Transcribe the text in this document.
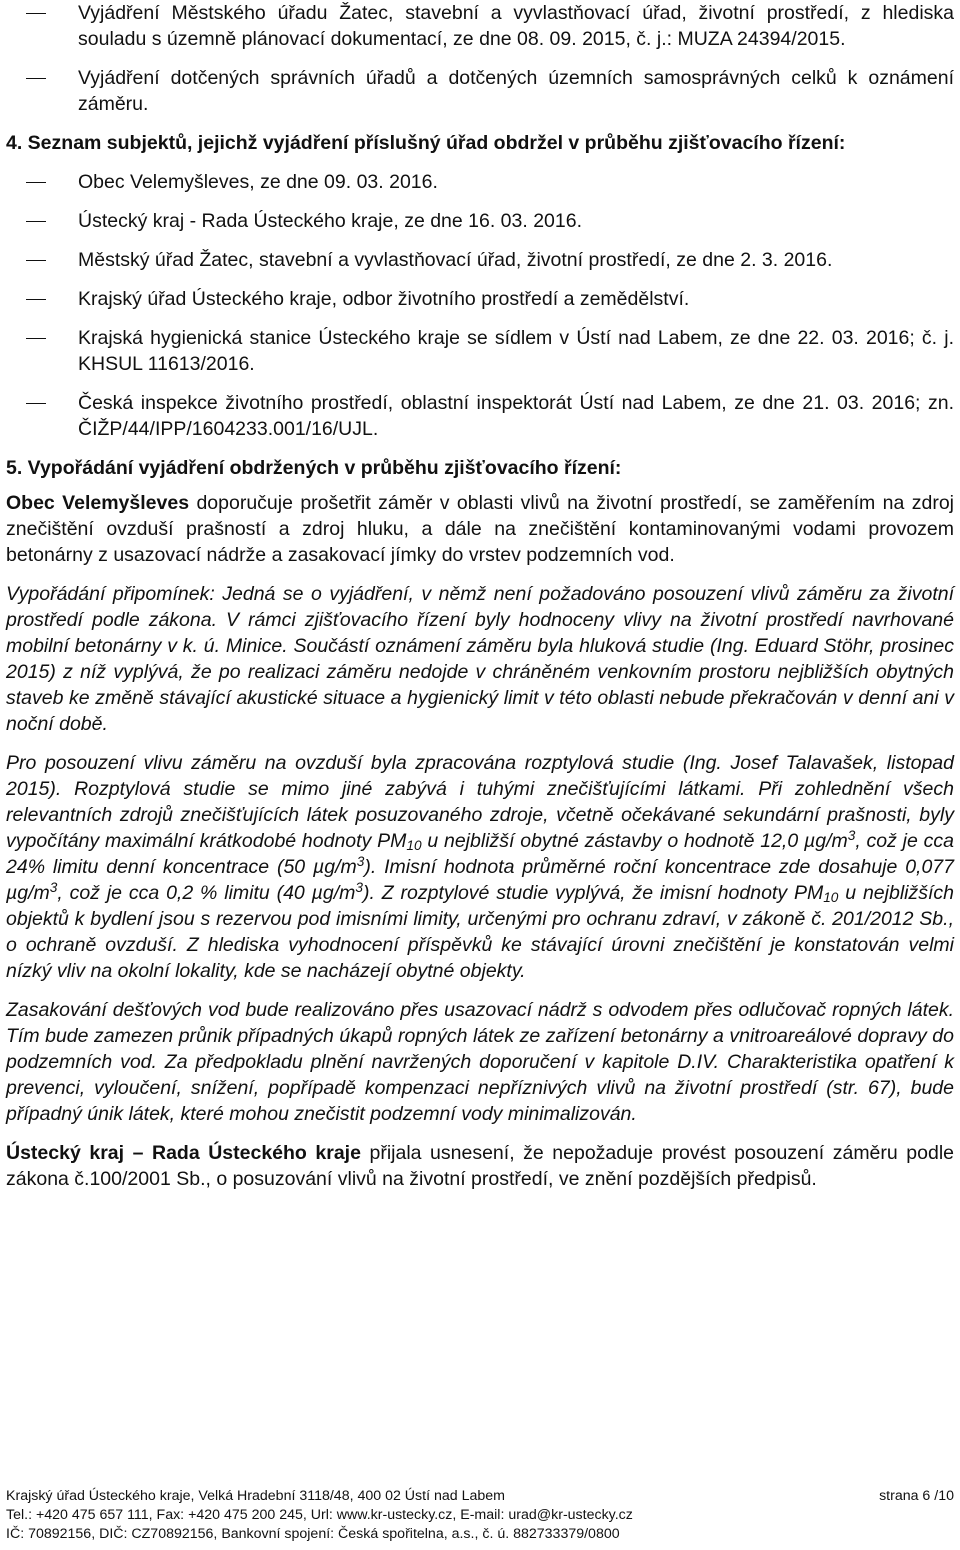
Vyjádření Městského úřadu Žatec, stavební a vyvlastňovací úřad, životní prostředí, z hlediska souladu s územně plánovací dokumentací, ze dne 08. 09. 2015, č. j.: MUZA 24394/2015.
Vyjádření dotčených správních úřadů a dotčených územních samosprávných celků k oznámení záměru.
4. Seznam subjektů, jejichž vyjádření příslušný úřad obdržel v průběhu zjišťovacího řízení:
Obec Velemyšleves, ze dne 09. 03. 2016.
Ústecký kraj - Rada Ústeckého kraje, ze dne 16. 03. 2016.
Městský úřad Žatec, stavební a vyvlastňovací úřad, životní prostředí, ze dne 2. 3. 2016.
Krajský úřad Ústeckého kraje, odbor životního prostředí a zemědělství.
Krajská hygienická stanice Ústeckého kraje se sídlem v Ústí nad Labem, ze dne 22. 03. 2016; č. j. KHSUL 11613/2016.
Česká inspekce životního prostředí, oblastní inspektorát Ústí nad Labem, ze dne 21. 03. 2016; zn. ČIŽP/44/IPP/1604233.001/16/UJL.
5. Vypořádání vyjádření obdržených v průběhu zjišťovacího řízení:

Obec Velemyšleves doporučuje prošetřit záměr v oblasti vlivů na životní prostředí, se zaměřením na zdroj znečištění ovzduší prašností a zdroj hluku, a dále na znečištění kontaminovanými vodami provozem betonárny z usazovací nádrže a zasakovací jímky do vrstev podzemních vod.

Vypořádání připomínek: Jedná se o vyjádření, v němž není požadováno posouzení vlivů záměru za životní prostředí podle zákona. V rámci zjišťovacího řízení byly hodnoceny vlivy na životní prostředí navrhované mobilní betonárny v k. ú. Minice. Součástí oznámení záměru byla hluková studie (Ing. Eduard Stöhr, prosinec 2015) z níž vyplývá, že po realizaci záměru nedojde v chráněném venkovním prostoru nejbližších obytných staveb ke změně stávající akustické situace a hygienický limit v této oblasti nebude překračován v denní ani v noční době.

Pro posouzení vlivu záměru na ovzduší byla zpracována rozptylová studie (Ing. Josef Talavašek, listopad 2015). Rozptylová studie se mimo jiné zabývá i tuhými znečišťujícími látkami. Při zohlednění všech relevantních zdrojů znečišťujících látek posuzovaného zdroje, včetně očekávané sekundární prašnosti, byly vypočítány maximální krátkodobé hodnoty $PM_{10}$ u nejbližší obytné zástavby o hodnotě 12,0 $\mu g/m^3$, což je cca 24% limitu denní koncentrace (50 $\mu g/m^3$). Imisní hodnota průměrné roční koncentrace zde dosahuje 0,077 $\mu g/m^3$, což je cca 0,2 % limitu (40 $\mu g/m^3$). Z rozptylové studie vyplývá, že imisní hodnoty $PM_{10}$ u nejbližších objektů k bydlení jsou s rezervou pod imisními limity, určenými pro ochranu zdraví, v zákoně č. 201/2012 Sb., o ochraně ovzduší. Z hlediska vyhodnocení příspěvků ke stávající úrovni znečištění je konstatován velmi nízký vliv na okolní lokality, kde se nacházejí obytné objekty.

Zasakování dešťových vod bude realizováno přes usazovací nádrž s odvodem přes odlučovač ropných látek. Tím bude zamezen průnik případných úkapů ropných látek ze zařízení betonárny a vnitroareálové dopravy do podzemních vod. Za předpokladu plnění navržených doporučení v kapitole D.IV. Charakteristika opatření k prevenci, vyloučení, snížení, popřípadě kompenzaci nepříznivých vlivů na životní prostředí (str. 67), bude případný únik látek, které mohou znečistit podzemní vody minimalizován.

Ústecký kraj – Rada Ústeckého kraje přijala usnesení, že nepožaduje provést posouzení záměru podle zákona č.100/2001 Sb., o posuzování vlivů na životní prostředí, ve znění pozdějších předpisů.

Krajský úřad Ústeckého kraje, Velká Hradební 3118/48, 400 02 Ústí nad Labem	strana 6 /10
Tel.: +420 475 657 111, Fax: +420 475 200 245, Url: www.kr-ustecky.cz, E-mail: urad@kr-ustecky.cz
IČ: 70892156, DIČ: CZ70892156, Bankovní spojení: Česká spořitelna, a.s., č. ú. 882733379/0800
